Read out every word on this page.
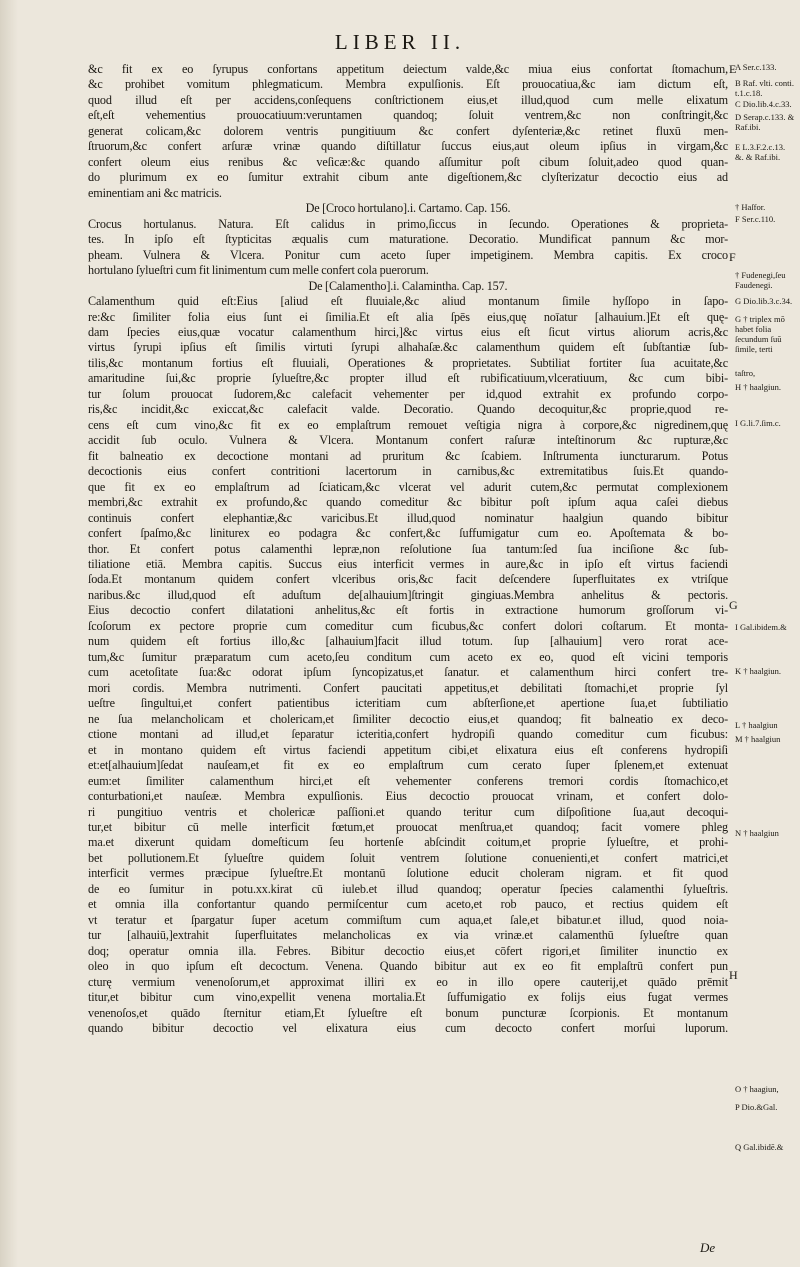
LIBER II.
&c fit ex eo ſyrupus confortans appetitum deiectum valde,&c miua eius confortat ſtomachum,
&c prohibet vomitum phlegmaticum. Membra expulſionis. Eſt prouocatiua,&c iam dictum eſt,
quod illud eſt per accidens,conſequens conſtrictionem eius,et illud,quod cum melle elixatum
eſt,eſt vehementius prouocatiuum:veruntamen quandoq; ſoluit ventrem,&c non conſtringit,&c
generat colicam,&c dolorem ventris pungitiuum &c confert dyſenteriæ,&c retinet fluxū men-
ſtruorum,&c confert arſuræ vrinæ quando diſtillatur ſuccus eius,aut oleum ipſius in virgam,&c
confert oleum eius renibus &c veſicæ:&c quando aſſumitur poſt cibum ſoluit,adeo quod quan-
do plurimum ex eo ſumitur extrahit cibum ante digeſtionem,&c clyſterizatur decoctio eius ad
eminentiam ani &c matricis.
De [Croco hortulano].i. Cartamo. Cap. 156.
Crocus hortulanus. Natura. Eſt calidus in primo,ſiccus in ſecundo. Operationes & proprieta-
tes. In ipſo eſt ſtypticitas æqualis cum maturatione. Decoratio. Mundificat pannum &c mor-
pheam. Vulnera & Vlcera. Ponitur cum aceto ſuper impetiginem. Membra capitis. Ex croco
hortulano ſylueſtri cum fit linimentum cum melle confert cola puerorum.
De [Calamentho].i. Calamintha. Cap. 157.
Calamenthum quid eſt:Eius [aliud eſt fluuiale,&c aliud montanum ſimile hyſſopo in ſapo-
re:&c ſimiliter folia eius ſunt ei ſimilia.Et eſt alia ſpēs eius,quę noīatur [alhauium.]Et eſt quę-
dam ſpecies eius,quæ vocatur calamenthum hirci,]&c virtus eius eſt ſicut virtus aliorum acris,&c
virtus ſyrupi ipſius eſt ſimilis virtuti ſyrupi alhahaſæ.&c calamenthum quidem eſt ſubſtantiæ ſub-
tilis,&c montanum fortius eſt fluuiali, Operationes & proprietates. Subtiliat fortiter ſua acuitate,&c
amaritudine ſui,&c proprie ſylueſtre,&c propter illud eſt rubificatiuum,vlceratiuum, &c cum bibi-
tur ſolum prouocat ſudorem,&c calefacit vehementer per id,quod extrahit ex profundo corpo-
ris,&c incidit,&c exiccat,&c calefacit valde. Decoratio. Quando decoquitur,&c proprie,quod re-
cens eſt cum vino,&c fit ex eo emplaſtrum remouet veſtigia nigra à corpore,&c nigredinem,quę
accidit ſub oculo. Vulnera & Vlcera. Montanum confert raſuræ inteſtinorum &c rupturæ,&c
fit balneatio ex decoctione montani ad pruritum &c ſcabiem. Inſtrumenta iuncturarum. Potus
decoctionis eius confert contritioni lacertorum in carnibus,&c extremitatibus ſuis.Et quando-
que fit ex eo emplaſtrum ad ſciaticam,&c vlcerat vel adurit cutem,&c permutat complexionem
membri,&c extrahit ex profundo,&c quando comeditur &c bibitur poſt ipſum aqua caſei diebus
continuis confert elephantiæ,&c varicibus.Et illud,quod nominatur haalgiun quando bibitur
confert ſpaſmo,&c liniturex eo podagra &c confert,&c ſuffumigatur cum eo. Apoſtemata & bo-
thor. Et confert potus calamenthi lepræ,non reſolutione ſua tantum:ſed ſua inciſione &c ſub-
tiliatione etiā. Membra capitis. Succus eius interficit vermes in aure,&c in ipſo eſt virtus faciendi
ſoda.Et montanum quidem confert vlceribus oris,&c facit deſcendere ſuperfluitates ex vtriſque
naribus.&c illud,quod eſt aduſtum de[alhauium]ſtringit gingiuas.Membra anhelitus & pectoris.
Eius decoctio confert dilatationi anhelitus,&c eſt fortis in extractione humorum groſſorum vi-
ſcoſorum ex pectore proprie cum comeditur cum ficubus,&c confert dolori coſtarum. Et monta-
num quidem eſt fortius illo,&c [alhauium]facit illud totum. ſup [alhauium] vero rorat ace-
tum,&c ſumitur præparatum cum aceto,ſeu conditum cum aceto ex eo, quod eſt vicini temporis
cum acetoſitate ſua:&c odorat ipſum ſyncopizatus,et ſanatur. et calamenthum hirci confert tre-
mori cordis. Membra nutrimenti. Confert paucitati appetitus,et debilitati ſtomachi,et proprie ſyl
ueſtre ſingultui,et confert patientibus icteritiam cum abſterſione,et apertione ſua,et ſubtiliatio
ne ſua melancholicam et cholericam,et ſimiliter decoctio eius,et quandoq; fit balneatio ex deco-
ctione montani ad illud,et ſeparatur icteritia,confert hydropiſi quando comeditur cum ficubus:
et in montano quidem eſt virtus faciendi appetitum cibi,et elixatura eius eſt conferens hydropiſi
et:et[alhauium]ſedat nauſeam,et fit ex eo emplaſtrum cum cerato ſuper ſplenem,et extenuat
eum:et ſimiliter calamenthum hirci,et eſt vehementer conferens tremori cordis ſtomachico,et
conturbationi,et nauſeæ. Membra expulſionis. Eius decoctio prouocat vrinam, et confert dolo-
ri pungitiuo ventris et cholericæ paſſioni.et quando teritur cum diſpoſitione ſua,aut decoqui-
tur,et bibitur cū melle interficit fœtum,et prouocat menſtrua,et quandoq; facit vomere phleg
ma.et dixerunt quidam domeſticum ſeu hortenſe abſcindit coitum,et proprie ſylueſtre, et prohi-
bet pollutionem.Et ſylueſtre quidem ſoluit ventrem ſolutione conuenienti,et confert matrici,et
interficit vermes præcipue ſylueſtre.Et montanū ſolutione educit choleram nigram. et fit quod
de eo ſumitur in potu.xx.kirat cū iuleb.et illud quandoq; operatur ſpecies calamenthi ſylueſtris.
et omnia illa confortantur quando permiſcentur cum aceto,et rob pauco, et rectius quidem eſt
vt teratur et ſpargatur ſuper acetum commiſtum cum aqua,et ſale,et bibatur.et illud, quod noia-
tur [alhauiū,]extrahit ſuperfluitates melancholicas ex via vrinæ.et calamenthū ſylueſtre quan
doq; operatur omnia illa. Febres. Bibitur decoctio eius,et cōfert rigori,et ſimiliter inunctio ex
oleo in quo ipſum eſt decoctum. Venena. Quando bibitur aut ex eo fit emplaſtrū confert pun
cturę vermium venenoſorum,et approximat illiri ex eo in illo opere cauterij,et quādo prēmit
titur,et bibitur cum vino,expellit venena mortalia.Et ſuffumigatio ex folijs eius fugat vermes
venenoſos,et quādo ſternitur etiam,Et ſylueſtre eſt bonum puncturæ ſcorpionis. Et montanum
quando bibitur decoctio vel elixatura eius cum decocto confert morſui luporum.
A Ser.c.133.
B Raf. vlti. conti.
t.1.c.18.
C Dio.lib.4.c.33.
D Serap.c.133. &
Raf.ibi.
E L.3.F.2.c.13.
&. & Raf.ibi.
† Haſfor.
F Ser.c.110.
† Fudenegi,ſeu
Faudenegi.
G Dio.lib.3.c.34.
G † triplex mō
habet folia
ſecundum ſuū
ſimile, terti
taſtro,
H † haalgiun.
I G.li.7.ſim.c.
I Gal.ibidem.&
K † haalgiun.
L † haalgiun
M † haalgiun
N † haalgiun
O † haagiun,
P Dio.&Gal.
Q Gal.ibidē.&
E
F
G
H
De
